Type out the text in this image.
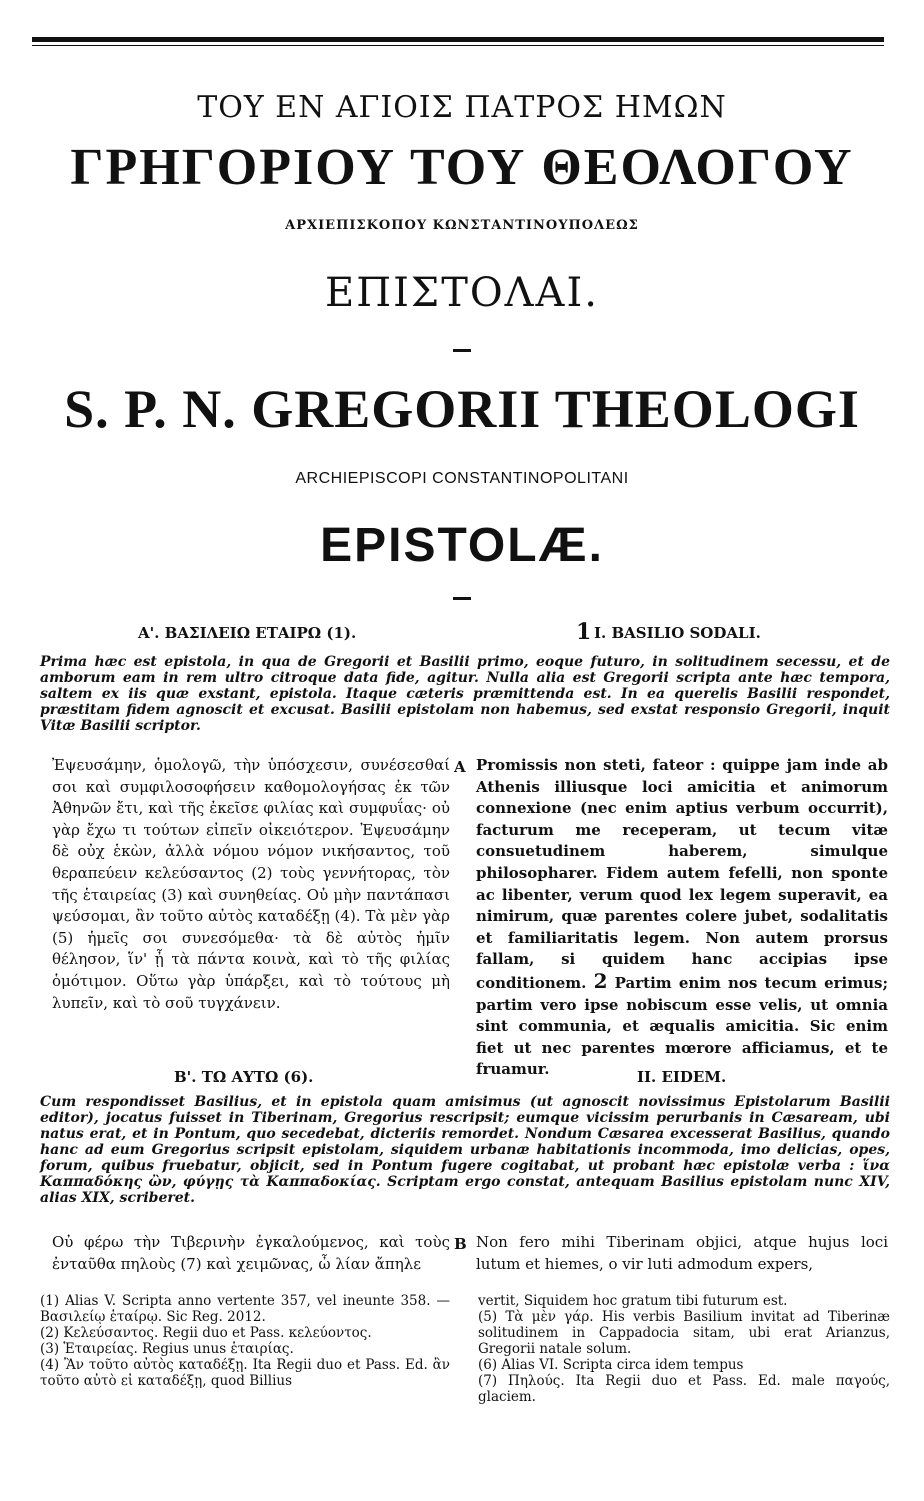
ΤΟΥ ΕΝ ΑΓΙΟΙΣ ΠΑΤΡΟΣ ΗΜΩΝ
ΓΡΗΓΟΡΙΟΥ ΤΟΥ ΘΕΟΛΟΓΟΥ
ΑΡΧΙΕΠΙΣΚΟΠΟΥ ΚΩΝΣΤΑΝΤΙΝΟΥΠΟΛΕΩΣ
ΕΠΙΣΤΟΛΑΙ.
S. P. N. GREGORII THEOLOGI
ARCHIEPISCOPI CONSTANTINOPOLITANI
EPISTOLÆ.
Α'. ΒΑΣΙΛΕΙΩ ΕΤΑΙΡΩ (1).	1 I. BASILIO SODALI.
Prima hæc est epistola, in qua de Gregorii et Basilii primo, eoque futuro, in solitudinem secessu, et de amborum eam in rem ultro citroque data fide, agitur. Nulla alia est Gregorii scripta ante hæc tempora, saltem ex iis quæ exstant, epistola. Itaque cæteris præmittenda est. In ea querelis Basilii respondet, præstitam fidem agnoscit et excusat. Basilii epistolam non habemus, sed exstat responsio Gregorii, inquit Vitæ Basilii scriptor.
Ἐψευσάμην, ὁμολογῶ, τὴν ὑπόσχεσιν, συνέσεσθαί σοι καὶ συμφιλοσοφήσειν καθομολογήσας ἐκ τῶν Ἀθηνῶν ἔτι, καὶ τῆς ἐκεῖσε φιλίας καὶ συμφυΐας· οὐ γὰρ ἔχω τι τούτων εἰπεῖν οἰκειότερον. Ἐψευσάμην δὲ οὐχ ἑκὼν, ἀλλὰ νόμου νόμον νικήσαντος, τοῦ θεραπεύειν κελεύσαντος (2) τοὺς γεννήτορας, τὸν τῆς ἑταιρείας (3) καὶ συνηθείας. Οὐ μὴν παντάπασι ψεύσομαι, ἂν τοῦτο αὐτὸς καταδέξῃ (4). Τὰ μὲν γὰρ (5) ἡμεῖς σοι συνεσόμεθα· τὰ δὲ αὐτὸς ἡμῖν θέλησον, ἵν' ᾖ τὰ πάντα κοινὰ, καὶ τὸ τῆς φιλίας ὁμότιμον. Οὕτω γὰρ ὑπάρξει, καὶ τὸ τούτους μὴ λυπεῖν, καὶ τὸ σοῦ τυγχάνειν.
A Promissis non steti, fateor : quippe jam inde ab Athenis illiusque loci amicitia et animorum connexione (nec enim aptius verbum occurrit), facturum me receperam, ut tecum vitæ consuetudinem haberem, simulque philosopharer. Fidem autem fefelli, non sponte ac libenter, verum quod lex legem superavit, ea nimirum, quæ parentes colere jubet, sodalitatis et familiaritatis legem. Non autem prorsus fallam, si quidem hanc accipias ipse conditionem. 2 Partim enim nos tecum erimus; partim vero ipse nobiscum esse velis, ut omnia sint communia, et æqualis amicitia. Sic enim fiet ut nec parentes mœrore afficiamus, et te fruamur.
Β'. ΤΩ ΑΥΤΩ (6).	II. EIDEM.
Cum respondisset Basilius, et in epistola quam amisimus (ut agnoscit novissimus Epistolarum Basilii editor), jocatus fuisset in Tiberinam, Gregorius rescripsit; eumque vicissim perurbanis in Cæsaream, ubi natus erat, et in Pontum, quo secedebat, dicteriis remordet. Nondum Cæsarea excesserat Basilius, quando hanc ad eum Gregorius scripsit epistolam, siquidem urbanæ habitationis incommoda, imo delicias, opes, forum, quibus fruebatur, objicit, sed in Pontum fugere cogitabat, ut probant hæc epistolæ verba : ἵνα Καππαδόκης ὢν, φύγῃς τὰ Καππαδοκίας. Scriptam ergo constat, antequam Basilius epistolam nunc XIV, alias XIX, scriberet.
Οὐ φέρω τὴν Τιβερινὴν ἐγκαλούμενος, καὶ τοὺς ἐνταῦθα πηλοὺς (7) καὶ χειμῶνας, ὦ λίαν ἄπηλε
B Non fero mihi Tiberinam objici, atque hujus loci lutum et hiemes, o vir luti admodum expers,
(1) Alias V. Scripta anno vertente 357, vel ineunte 358. — Βασιλείῳ ἑταίρῳ. Sic Reg. 2012.
(2) Κελεύσαντος. Regii duo et Pass. κελεύοντος.
(3) Ἑταιρείας. Regius unus ἑταιρίας.
(4) Ἂν τοῦτο αὐτὸς καταδέξῃ. Ita Regii duo et Pass. Ed. ἂν τοῦτο αὐτὸ εἰ καταδέξῃ, quod Billius
vertit, Siquidem hoc gratum tibi futurum est.
(5) Τὰ μὲν γάρ. His verbis Basilium invitat ad Tiberinæ solitudinem in Cappadocia sitam, ubi erat Arianzus, Gregorii natale solum.
(6) Alias VI. Scripta circa idem tempus
(7) Πηλούς. Ita Regii duo et Pass. Ed. male παγούς, glaciem.
